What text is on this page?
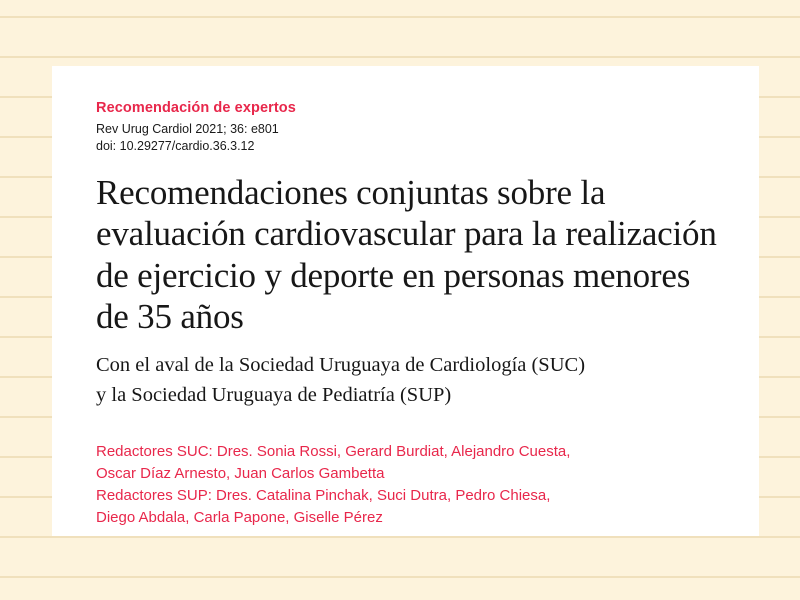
Recomendación de expertos

Rev Urug Cardiol 2021; 36: e801

doi: 10.29277/cardio.36.3.12

Recomendaciones conjuntas sobre la evaluación cardiovascular para la realización de ejercicio y deporte en personas menores de 35 años

Con el aval de la Sociedad Uruguaya de Cardiología (SUC)

y la Sociedad Uruguaya de Pediatría (SUP)

Redactores SUC: Dres. Sonia Rossi, Gerard Burdiat, Alejandro Cuesta,
Oscar Díaz Arnesto, Juan Carlos Gambetta
Redactores SUP: Dres. Catalina Pinchak, Suci Dutra, Pedro Chiesa,
Diego Abdala, Carla Papone, Giselle Pérez
